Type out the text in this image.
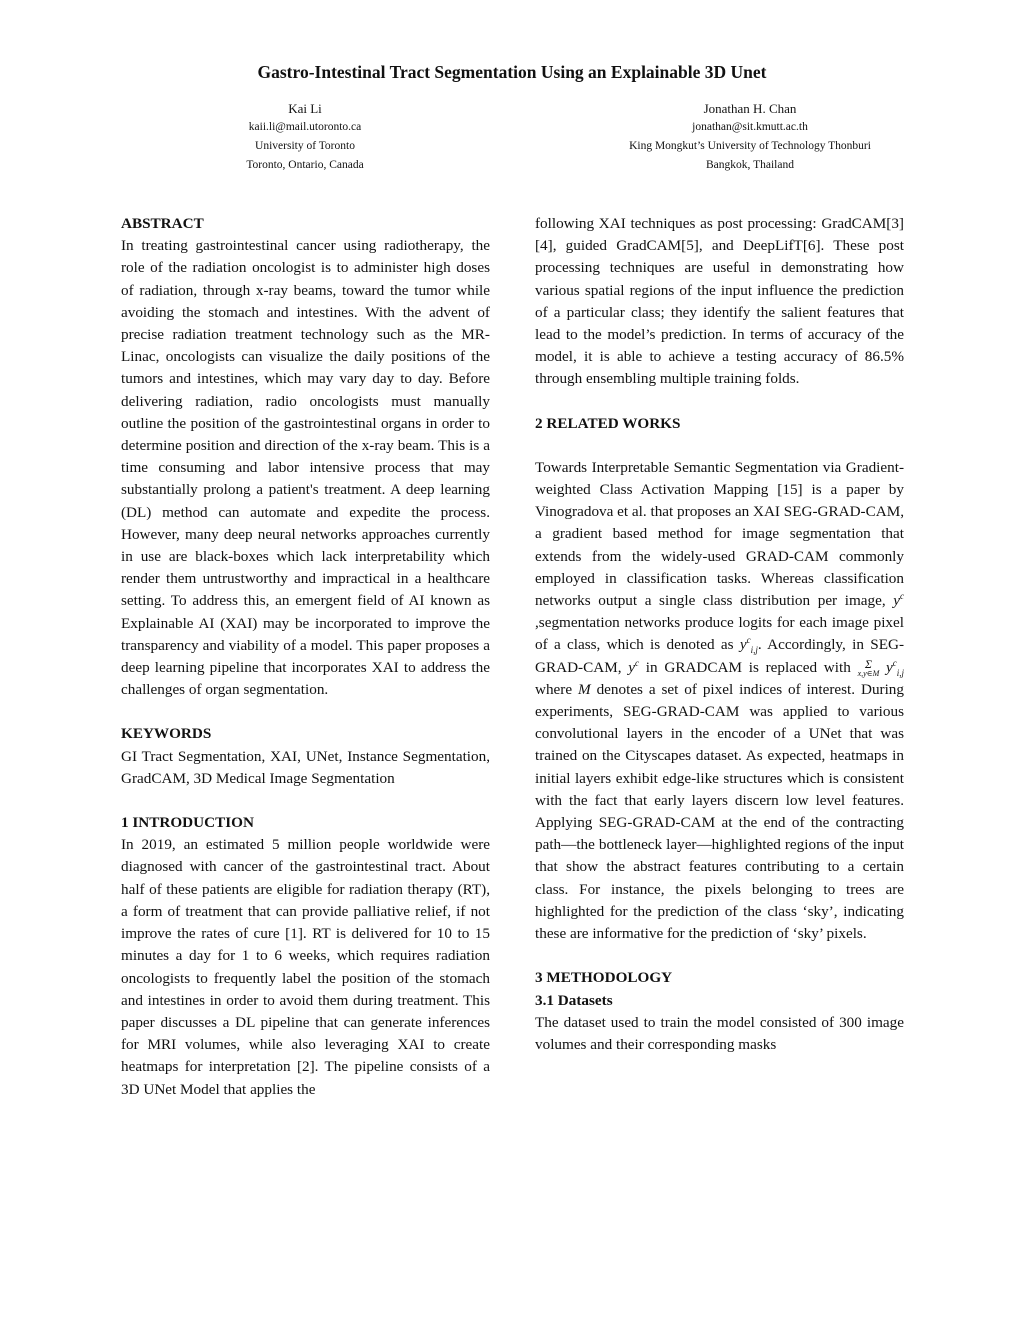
Gastro-Intestinal Tract Segmentation Using an Explainable 3D Unet
Kai Li
kaii.li@mail.utoronto.ca
University of Toronto
Toronto, Ontario, Canada
Jonathan H. Chan
jonathan@sit.kmutt.ac.th
King Mongkut’s University of Technology Thonburi
Bangkok, Thailand
ABSTRACT

In treating gastrointestinal cancer using radiotherapy, the role of the radiation oncologist is to administer high doses of radiation, through x-ray beams, toward the tumor while avoiding the stomach and intestines. With the advent of precise radiation treatment technology such as the MR-Linac, oncologists can visualize the daily positions of the tumors and intestines, which may vary day to day. Before delivering radiation, radio oncologists must manually outline the position of the gastrointestinal organs in order to determine position and direction of the x-ray beam. This is a time consuming and labor intensive process that may substantially prolong a patient's treatment. A deep learning (DL) method can automate and expedite the process. However, many deep neural networks approaches currently in use are black-boxes which lack interpretability which render them untrustworthy and impractical in a healthcare setting. To address this, an emergent field of AI known as Explainable AI (XAI) may be incorporated to improve the transparency and viability of a model. This paper proposes a deep learning pipeline that incorporates XAI to address the challenges of organ segmentation.

KEYWORDS

GI Tract Segmentation, XAI, UNet, Instance Segmentation, GradCAM, 3D Medical Image Segmentation

1 INTRODUCTION

In 2019, an estimated 5 million people worldwide were diagnosed with cancer of the gastrointestinal tract. About half of these patients are eligible for radiation therapy (RT), a form of treatment that can provide palliative relief, if not improve the rates of cure [1]. RT is delivered for 10 to 15 minutes a day for 1 to 6 weeks, which requires radiation oncologists to frequently label the position of the stomach and intestines in order to avoid them during treatment. This paper discusses a DL pipeline that can generate inferences for MRI volumes, while also leveraging XAI to create heatmaps for interpretation [2]. The pipeline consists of a 3D UNet Model that applies the

following XAI techniques as post processing: GradCAM[3][4], guided GradCAM[5], and DeepLifT[6]. These post processing techniques are useful in demonstrating how various spatial regions of the input influence the prediction of a particular class; they identify the salient features that lead to the model’s prediction. In terms of accuracy of the model, it is able to achieve a testing accuracy of 86.5% through ensembling multiple training folds.

2 RELATED WORKS

Towards Interpretable Semantic Segmentation via Gradient-weighted Class Activation Mapping [15] is a paper by Vinogradova et al. that proposes an XAI SEG-GRAD-CAM, a gradient based method for image segmentation that extends from the widely-used GRAD-CAM commonly employed in classification tasks. Whereas classification networks output a single class distribution per image, $y^c$ ,segmentation networks produce logits for each image pixel of a class, which is denoted as $y^c_{i,j}$. Accordingly, in SEG-GRAD-CAM, $y^c$ in GRADCAM is replaced with Σ
x,y∈M $y^c_{i,j}$ where M denotes a set of pixel indices of interest. During experiments, SEG-GRAD-CAM was applied to various convolutional layers in the encoder of a UNet that was trained on the Cityscapes dataset. As expected, heatmaps in initial layers exhibit edge-like structures which is consistent with the fact that early layers discern low level features. Applying SEG-GRAD-CAM at the end of the contracting path—the bottleneck layer—highlighted regions of the input that show the abstract features contributing to a certain class. For instance, the pixels belonging to trees are highlighted for the prediction of the class ‘sky’, indicating these are informative for the prediction of ‘sky’ pixels.

3 METHODOLOGY
3.1 Datasets

The dataset used to train the model consisted of 300 image volumes and their corresponding masks
